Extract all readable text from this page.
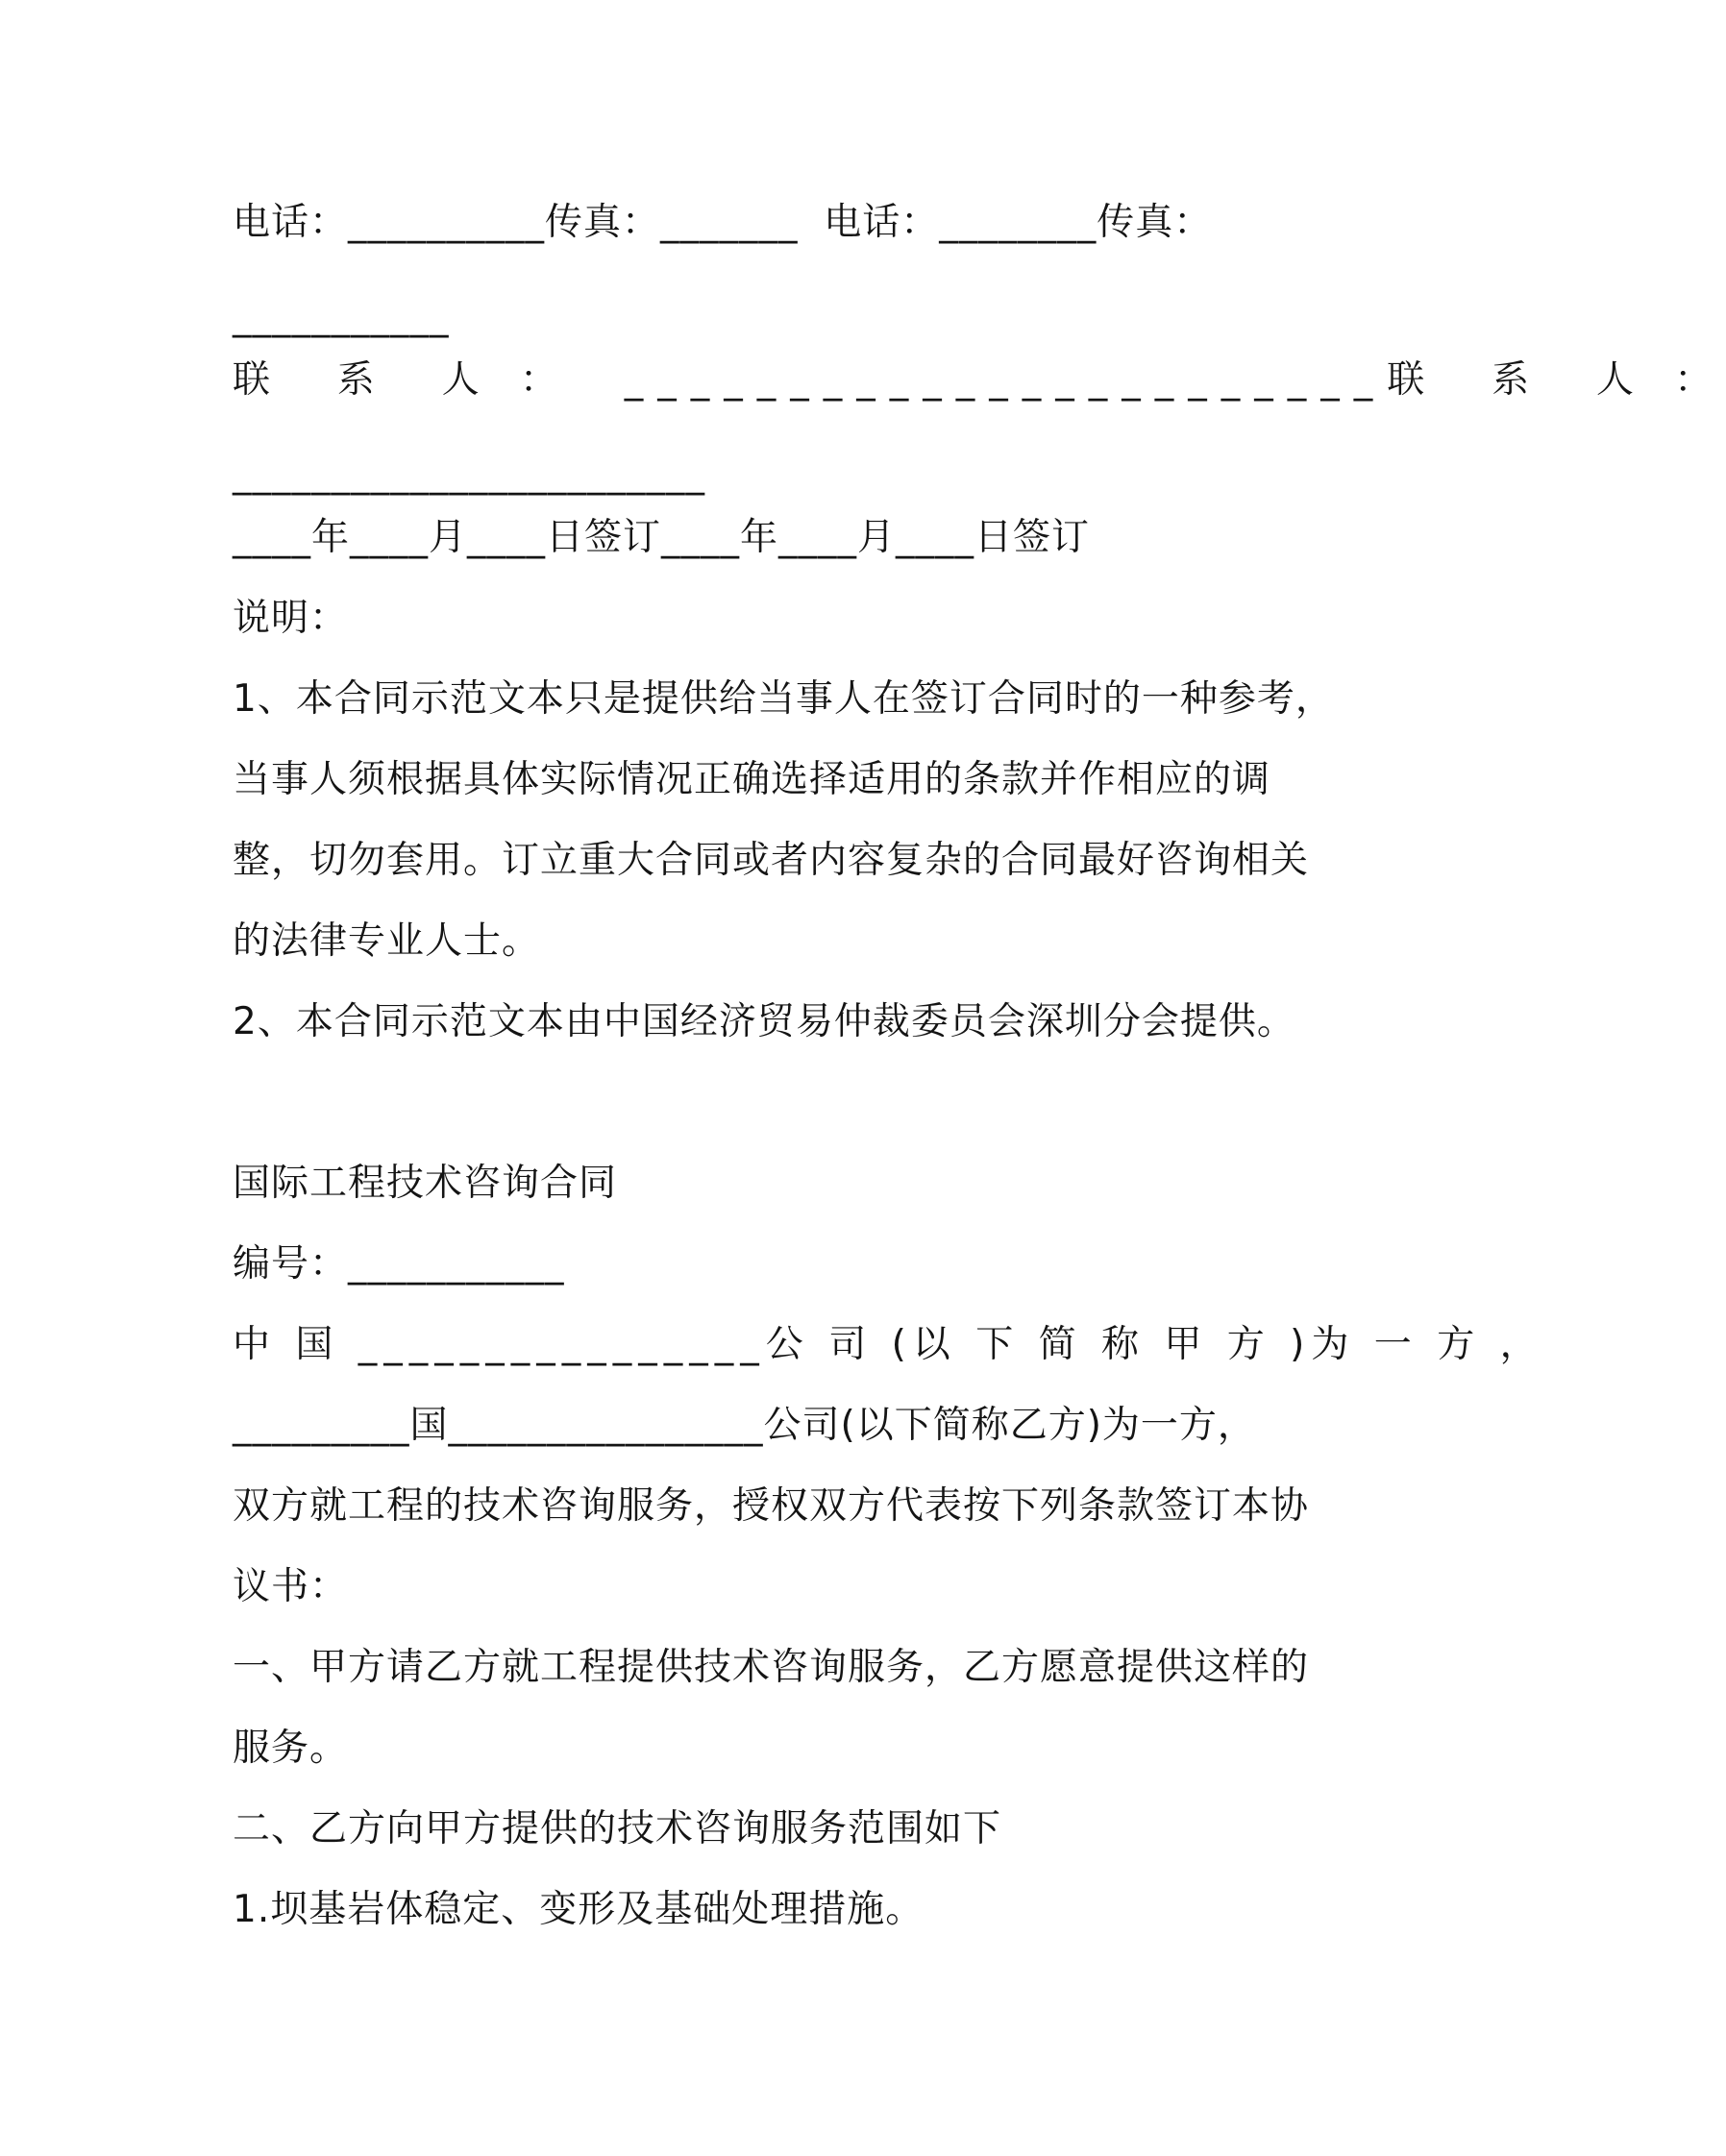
电话：__________传真：_______  电话：________传真：
___________
联  系  人 ：  _______________________联  系  人 ：
________________________
____年____月____日签订____年____月____日签订
说明：
1、本合同示范文本只是提供给当事人在签订合同时的一种参考，
当事人须根据具体实际情况正确选择适用的条款并作相应的调
整，切勿套用。订立重大合同或者内容复杂的合同最好咨询相关
的法律专业人士。
2、本合同示范文本由中国经济贸易仲裁委员会深圳分会提供。
国际工程技术咨询合同
编号：___________
中 国 ________________公 司 (以 下 简 称 甲 方 )为 一 方 ，
_________国________________公司(以下简称乙方)为一方，
双方就工程的技术咨询服务，授权双方代表按下列条款签订本协
议书：
一、甲方请乙方就工程提供技术咨询服务，乙方愿意提供这样的
服务。
二、乙方向甲方提供的技术咨询服务范围如下
1.坝基岩体稳定、变形及基础处理措施。
